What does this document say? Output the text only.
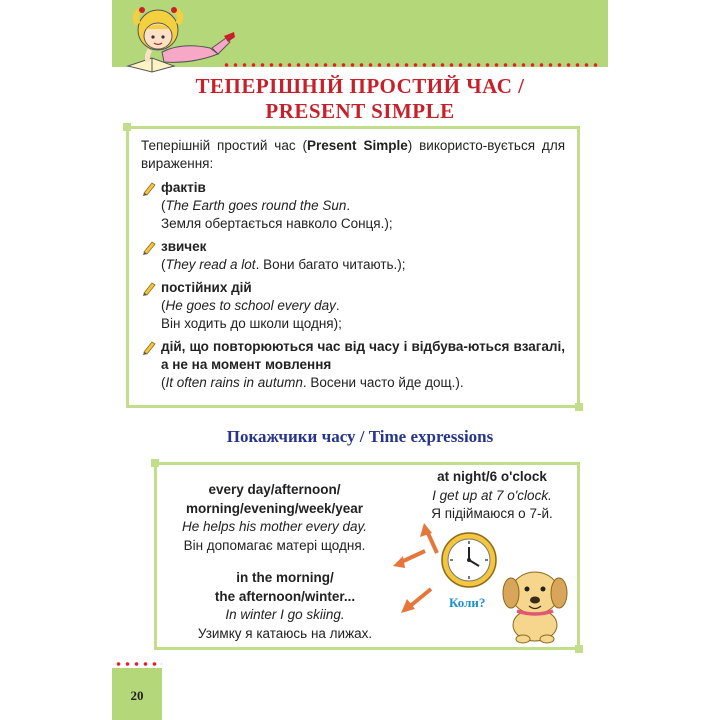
ТЕПЕРІШНІЙ ПРОСТИЙ ЧАС /
PRESENT SIMPLE

Теперішній простий час (Present Simple) використо-вується для вираження:

фактів
(The Earth goes round the Sun.
Земля обертається навколо Сонця.);
звичек
(They read a lot. Вони багато читають.);
постійних дій
(He goes to school every day.
Він ходить до школи щодня);
дій, що повторюються час від часу і відбува-ються взагалі, а не на момент мовлення
(It often rains in autumn. Восени часто йде дощ.).
Покажчики часу / Time expressions
every day/afternoon/
morning/evening/week/year
He helps his mother every day.
Він допомагає матері щодня.
at night/6 o'clock
I get up at 7 o'clock.
Я підіймаюся о 7-й.
in the morning/
the afternoon/winter...
In winter I go skiing.
Узимку я катаюсь на лижах.
Коли?
20
